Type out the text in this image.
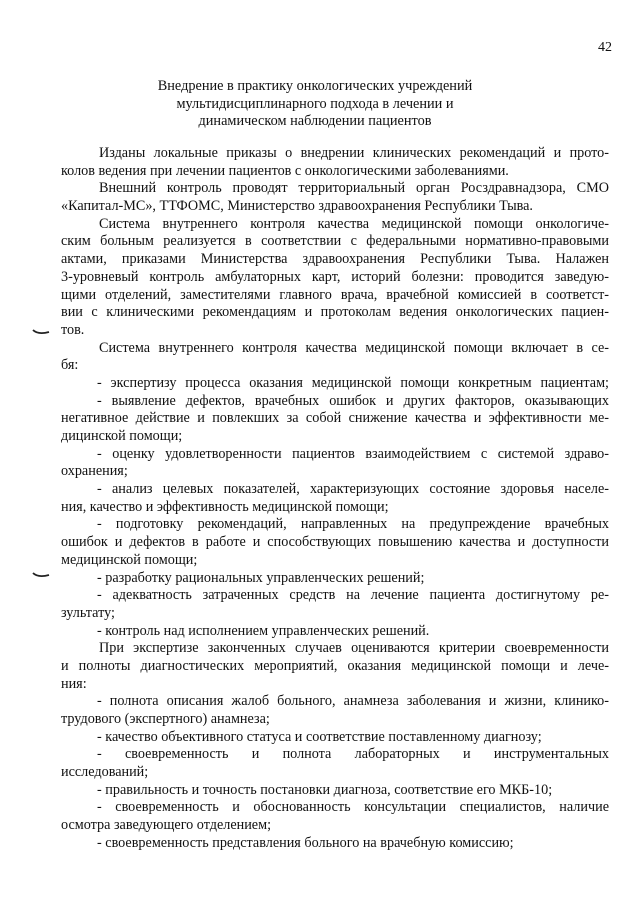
42
Внедрение в практику онкологических учреждений
мультидисциплинарного подхода в лечении и
динамическом наблюдении пациентов
Изданы локальные приказы о внедрении клинических рекомендаций и прото-
колов ведения при лечении пациентов с онкологическими заболеваниями.
Внешний контроль проводят территориальный орган Росздравнадзора, СМО
«Капитал-МС», ТТФОМС, Министерство здравоохранения Республики Тыва.
Система внутреннего контроля качества медицинской помощи онкологиче-
ским больным реализуется в соответствии с федеральными нормативно-правовыми
актами, приказами Министерства здравоохранения Республики Тыва. Налажен
3-уровневый контроль амбулаторных карт, историй болезни: проводится заведую-
щими отделений, заместителями главного врача, врачебной комиссией в соответст-
вии с клиническими рекомендациям и протоколам ведения онкологических пациен-
тов.
Система внутреннего контроля качества медицинской помощи включает в се-
бя:
- экспертизу процесса оказания медицинской помощи конкретным пациентам;
- выявление дефектов, врачебных ошибок и других факторов, оказывающих
негативное действие и повлекших за собой снижение качества и эффективности ме-
дицинской помощи;
- оценку удовлетворенности пациентов взаимодействием с системой здраво-
охранения;
- анализ целевых показателей, характеризующих состояние здоровья населе-
ния, качество и эффективность медицинской помощи;
- подготовку рекомендаций, направленных на предупреждение врачебных
ошибок и дефектов в работе и способствующих повышению качества и доступности
медицинской помощи;
- разработку рациональных управленческих решений;
- адекватность затраченных средств на лечение пациента достигнутому ре-
зультату;
- контроль над исполнением управленческих решений.
При экспертизе законченных случаев оцениваются критерии своевременности
и полноты диагностических мероприятий, оказания медицинской помощи и лече-
ния:
- полнота описания жалоб больного, анамнеза заболевания и жизни, клинико-
трудового (экспертного) анамнеза;
- качество объективного статуса и соответствие поставленному диагнозу;
- своевременность и полнота лабораторных и инструментальных
исследований;
- правильность и точность постановки диагноза, соответствие его МКБ-10;
- своевременность и обоснованность консультации специалистов, наличие
осмотра заведующего отделением;
- своевременность представления больного на врачебную комиссию;
